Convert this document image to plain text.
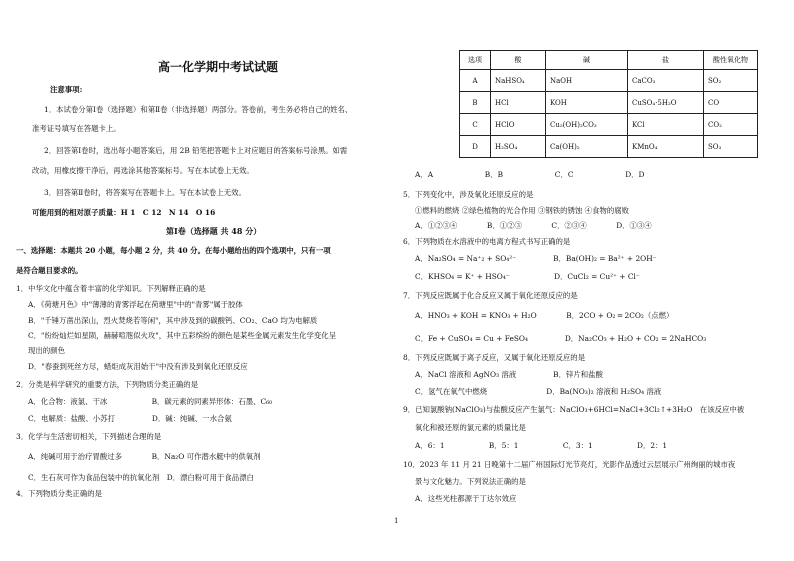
高一化学期中考试试题
注意事项:
1．本试卷分第Ⅰ卷（选择题）和第Ⅱ卷（非选择题）两部分。答卷前，考生务必将自己的姓名、
准考证号填写在答题卡上。
2．回答第Ⅰ卷时，选出每小题答案后，用 2B 铅笔把答题卡上对应题目的答案标号涂黑。如需
改动，用橡皮擦干净后，再选涂其他答案标号。写在本试卷上无效。
3．回答第Ⅱ卷时，将答案写在答题卡上。写在本试卷上无效。
可能用到的相对原子质量：H 1　C 12　N 14　O 16
第Ⅰ卷（选择题 共 48 分）
一、选择题：本题共 20 小题，每小题 2 分，共 40 分。在每小题给出的四个选项中，只有一项
是符合题目要求的。
1．中华文化中蕴含着丰富的化学知识。下列解释正确的是
A．《荷塘月色》中"薄薄的青雾浮起在荷塘里"中的"青雾"属于胶体
B．"千锤万凿出深山，烈火焚烧若等闲"，其中涉及到的碳酸钙、CO₂、CaO 均为电解质
C．"纷纷灿烂如星陨，赫赫喧豗似火攻"，其中五彩缤纷的颜色是某些金属元素发生化学变化呈
现出的颜色
D．"春蚕到死丝方尽，蜡炬成灰泪始干"中没有涉及到氧化还原反应
2．分类是科学研究的重要方法，下列物质分类正确的是
A．化合物：液氯、干冰　　　　　　B．碳元素的同素异形体：石墨、C₆₀
C．电解质：盐酸、小苏打　　　　　D．碱：纯碱、一水合氨
3．化学与生活密切相关，下列描述合理的是
A．纯碱可用于治疗胃酸过多　　　　B．Na₂O 可作潜水艇中的供氧剂
C．生石灰可作为食品包装中的抗氧化剂　D．漂白粉可用于食品漂白
4．下列物质分类正确的是
选项	酸	碱	盐	酸性氧化物
A	NaHSO₄	NaOH	CaCO₃	SO₂
B	HCl	KOH	CuSO₄·5H₂O	CO
C	HClO	Cu₂(OH)₂CO₃	KCl	CO₂
D	H₂SO₄	Ca(OH)₂	KMnO₄	SO₃
A．A　　　　　　　B．B　　　　　　　C．C　　　　　　　D．D
5．下列变化中，涉及氧化还原反应的是
①燃料的燃烧 ②绿色植物的光合作用 ③钢铁的锈蚀 ④食物的腐败
A．①②③④　　　　B．①②③　　　　C．②③④　　　　D．①③④
6．下列物质在水溶液中的电离方程式书写正确的是
A．Na₂SO₄ = Na⁺₂ + SO₄²⁻　　　　　B．Ba(OH)₂ = Ba²⁺ + 2OH⁻
C．KHSO₄ = K⁺ + HSO₄⁻　　　　　　D．CuCl₂ = Cu²⁺ + Cl⁻
7．下列反应既属于化合反应又属于氧化还原反应的是
A．HNO₃ + KOH = KNO₃ + H₂O　　　　B．2CO + O₂ ═ 2CO₂（点燃）
C．Fe + CuSO₄ = Cu + FeSO₄　　　　　D．Na₂CO₃ + H₂O + CO₂ = 2NaHCO₃
8．下列反应既属于离子反应，又属于氧化还原反应的是
A．NaCl 溶液和 AgNO₃ 溶液　　　　　B．锌片和盐酸
C．氢气在氧气中燃烧　　　　　　　　D．Ba(NO₃)₂ 溶液和 H₂SO₄ 溶液
9．已知氯酸钠(NaClO₃)与盐酸反应产生氯气：NaClO₃+6HCl=NaCl+3Cl₂↑+3H₂O　在该反应中被
氧化和被还原的氯元素的质量比是
A．6：1　　　　　　B．5：1　　　　　　C．3：1　　　　　　D．2：1
10．2023 年 11 月 21 日晚第十二届广州国际灯光节亮灯，光影作品透过云层展示广州绚丽的城市夜
景与文化魅力。下列说法正确的是
A．这些光柱都源于丁达尔效应
1
